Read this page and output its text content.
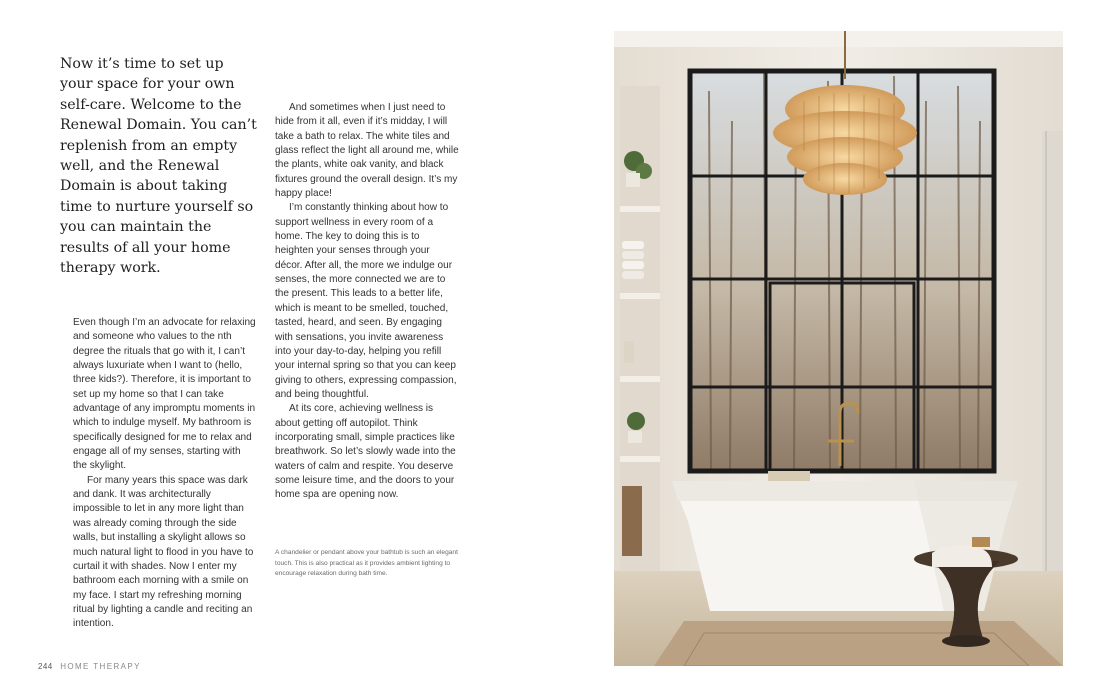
Now it’s time to set up your space for your own self-care. Welcome to the Renewal Domain. You can’t replenish from an empty well, and the Renewal Domain is about taking time to nurture yourself so you can maintain the results of all your home therapy work.

Even though I’m an advocate for relaxing and someone who values to the nth degree the rituals that go with it, I can’t always luxuriate when I want to (hello, three kids?). Therefore, it is important to set up my home so that I can take advantage of any impromptu moments in which to indulge myself. My bathroom is specifically designed for me to relax and engage all of my senses, starting with the skylight.

For many years this space was dark and dank. It was architecturally impossible to let in any more light than was already coming through the side walls, but installing a skylight allows so much natural light to flood in you have to curtail it with shades. Now I enter my bathroom each morning with a smile on my face. I start my refreshing morning ritual by lighting a candle and reciting an intention.

And sometimes when I just need to hide from it all, even if it’s midday, I will take a bath to relax. The white tiles and glass reflect the light all around me, while the plants, white oak vanity, and black fixtures ground the overall design. It’s my happy place!

I’m constantly thinking about how to support wellness in every room of a home. The key to doing this is to heighten your senses through your décor. After all, the more we indulge our senses, the more connected we are to the present. This leads to a better life, which is meant to be smelled, touched, tasted, heard, and seen. By engaging with sensations, you invite awareness into your day-to-day, helping you refill your internal spring so that you can keep giving to others, expressing compassion, and being thoughtful.

At its core, achieving wellness is about getting off autopilot. Think incorporating small, simple practices like breathwork. So let’s slowly wade into the waters of calm and respite. You deserve some leisure time, and the doors to your home spa are opening now.

A chandelier or pendant above your bathtub is such an elegant touch. This is also practical as it provides ambient lighting to encourage relaxation during bath time.

244 HOME THERAPY
